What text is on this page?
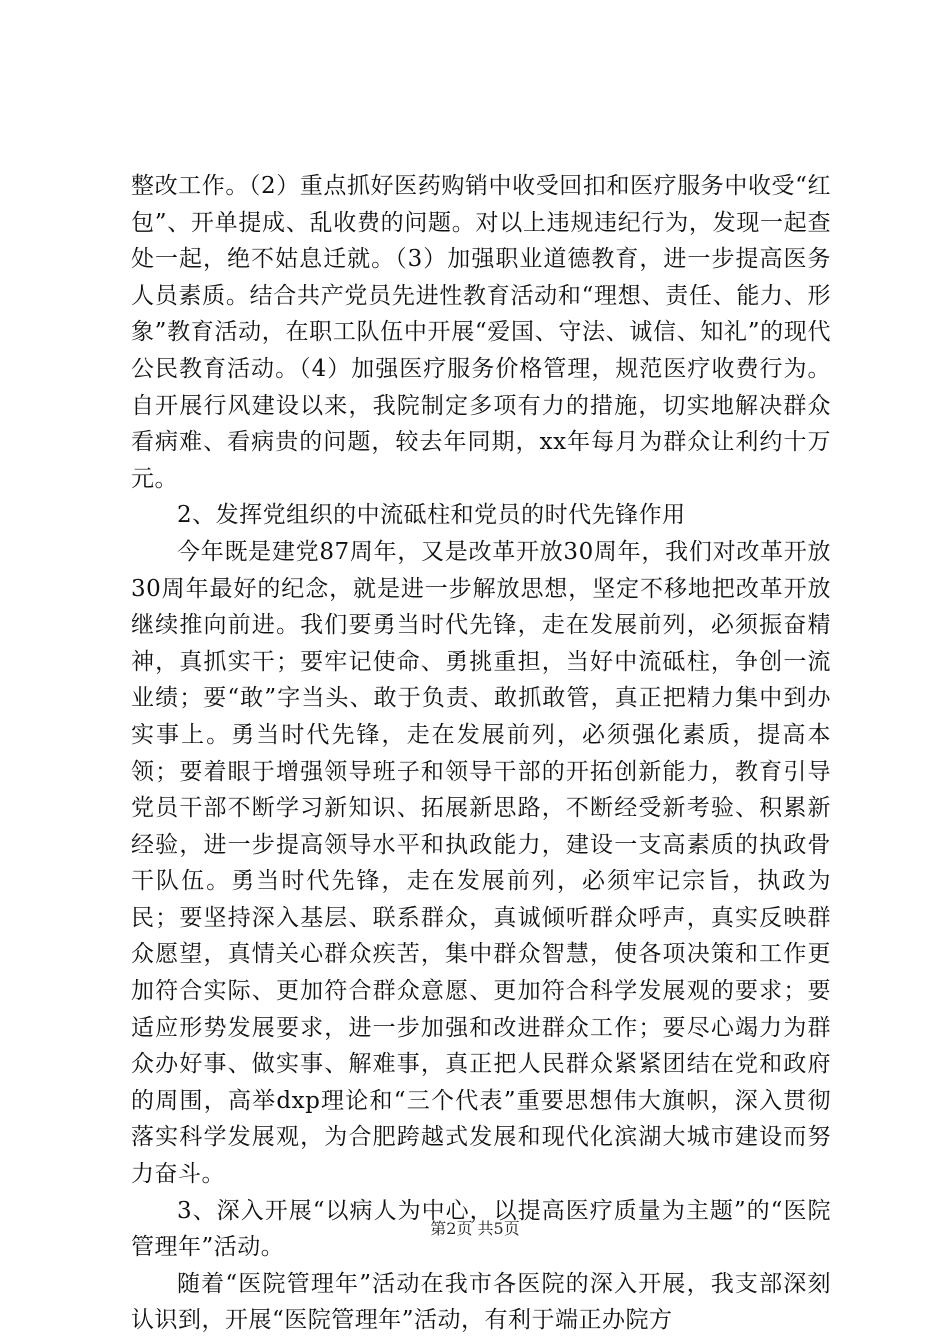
整改工作。（2）重点抓好医药购销中收受回扣和医疗服务中收受“红包”、开单提成、乱收费的问题。对以上违规违纪行为，发现一起查处一起，绝不姑息迁就。（3）加强职业道德教育，进一步提高医务人员素质。结合共产党员先进性教育活动和“理想、责任、能力、形象”教育活动，在职工队伍中开展“爱国、守法、诚信、知礼”的现代公民教育活动。（4）加强医疗服务价格管理，规范医疗收费行为。自开展行风建设以来，我院制定多项有力的措施，切实地解决群众看病难、看病贵的问题，较去年同期，xx年每月为群众让利约十万元。

2、发挥党组织的中流砥柱和党员的时代先锋作用

今年既是建党87周年，又是改革开放30周年，我们对改革开放30周年最好的纪念，就是进一步解放思想，坚定不移地把改革开放继续推向前进。我们要勇当时代先锋，走在发展前列，必须振奋精神，真抓实干；要牢记使命、勇挑重担，当好中流砥柱，争创一流业绩；要“敢”字当头、敢于负责、敢抓敢管，真正把精力集中到办实事上。勇当时代先锋，走在发展前列，必须强化素质，提高本领；要着眼于增强领导班子和领导干部的开拓创新能力，教育引导党员干部不断学习新知识、拓展新思路，不断经受新考验、积累新经验，进一步提高领导水平和执政能力，建设一支高素质的执政骨干队伍。勇当时代先锋，走在发展前列，必须牢记宗旨，执政为民；要坚持深入基层、联系群众，真诚倾听群众呼声，真实反映群众愿望，真情关心群众疾苦，集中群众智慧，使各项决策和工作更加符合实际、更加符合群众意愿、更加符合科学发展观的要求；要适应形势发展要求，进一步加强和改进群众工作；要尽心竭力为群众办好事、做实事、解难事，真正把人民群众紧紧团结在党和政府的周围，高举dxp理论和“三个代表”重要思想伟大旗帜，深入贯彻落实科学发展观，为合肥跨越式发展和现代化滨湖大城市建设而努力奋斗。

3、深入开展“以病人为中心，以提高医疗质量为主题”的“医院管理年”活动。

随着“医院管理年”活动在我市各医院的深入开展，我支部深刻认识到，开展“医院管理年”活动，有利于端正办院方

第2页 共5页
